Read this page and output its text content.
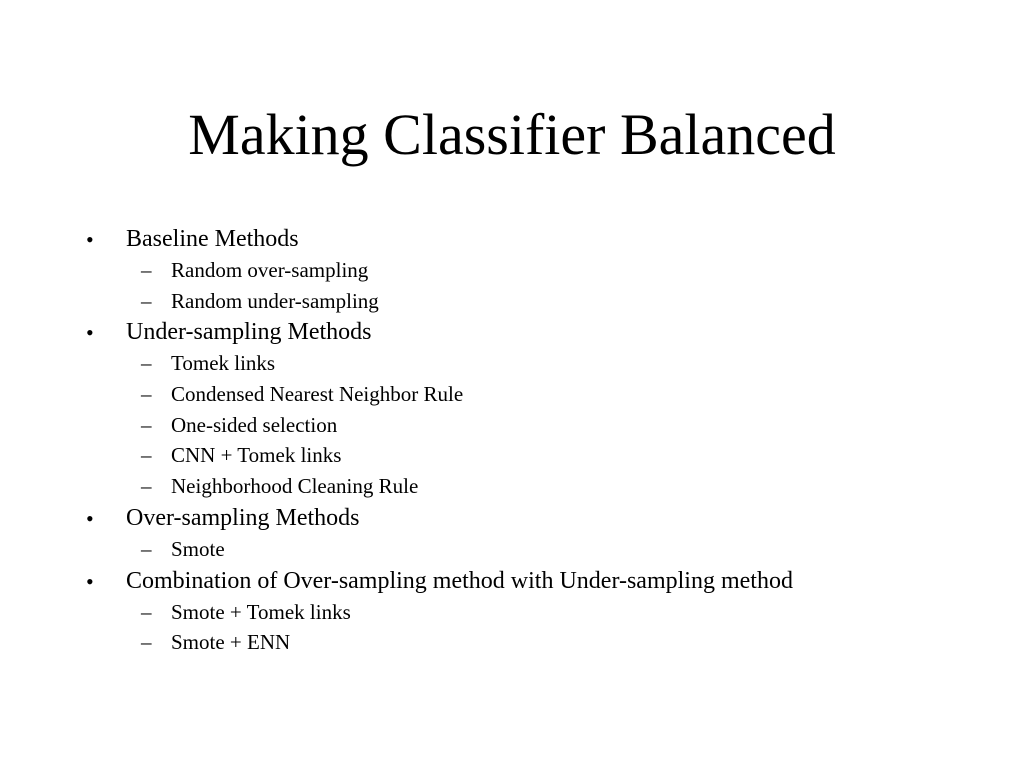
Making Classifier Balanced
• Baseline Methods
– Random over-sampling
– Random under-sampling
• Under-sampling Methods
– Tomek links
– Condensed Nearest Neighbor Rule
– One-sided selection
– CNN + Tomek links
– Neighborhood Cleaning Rule
• Over-sampling Methods
– Smote
• Combination of Over-sampling method with Under-sampling method
– Smote + Tomek links
– Smote + ENN
